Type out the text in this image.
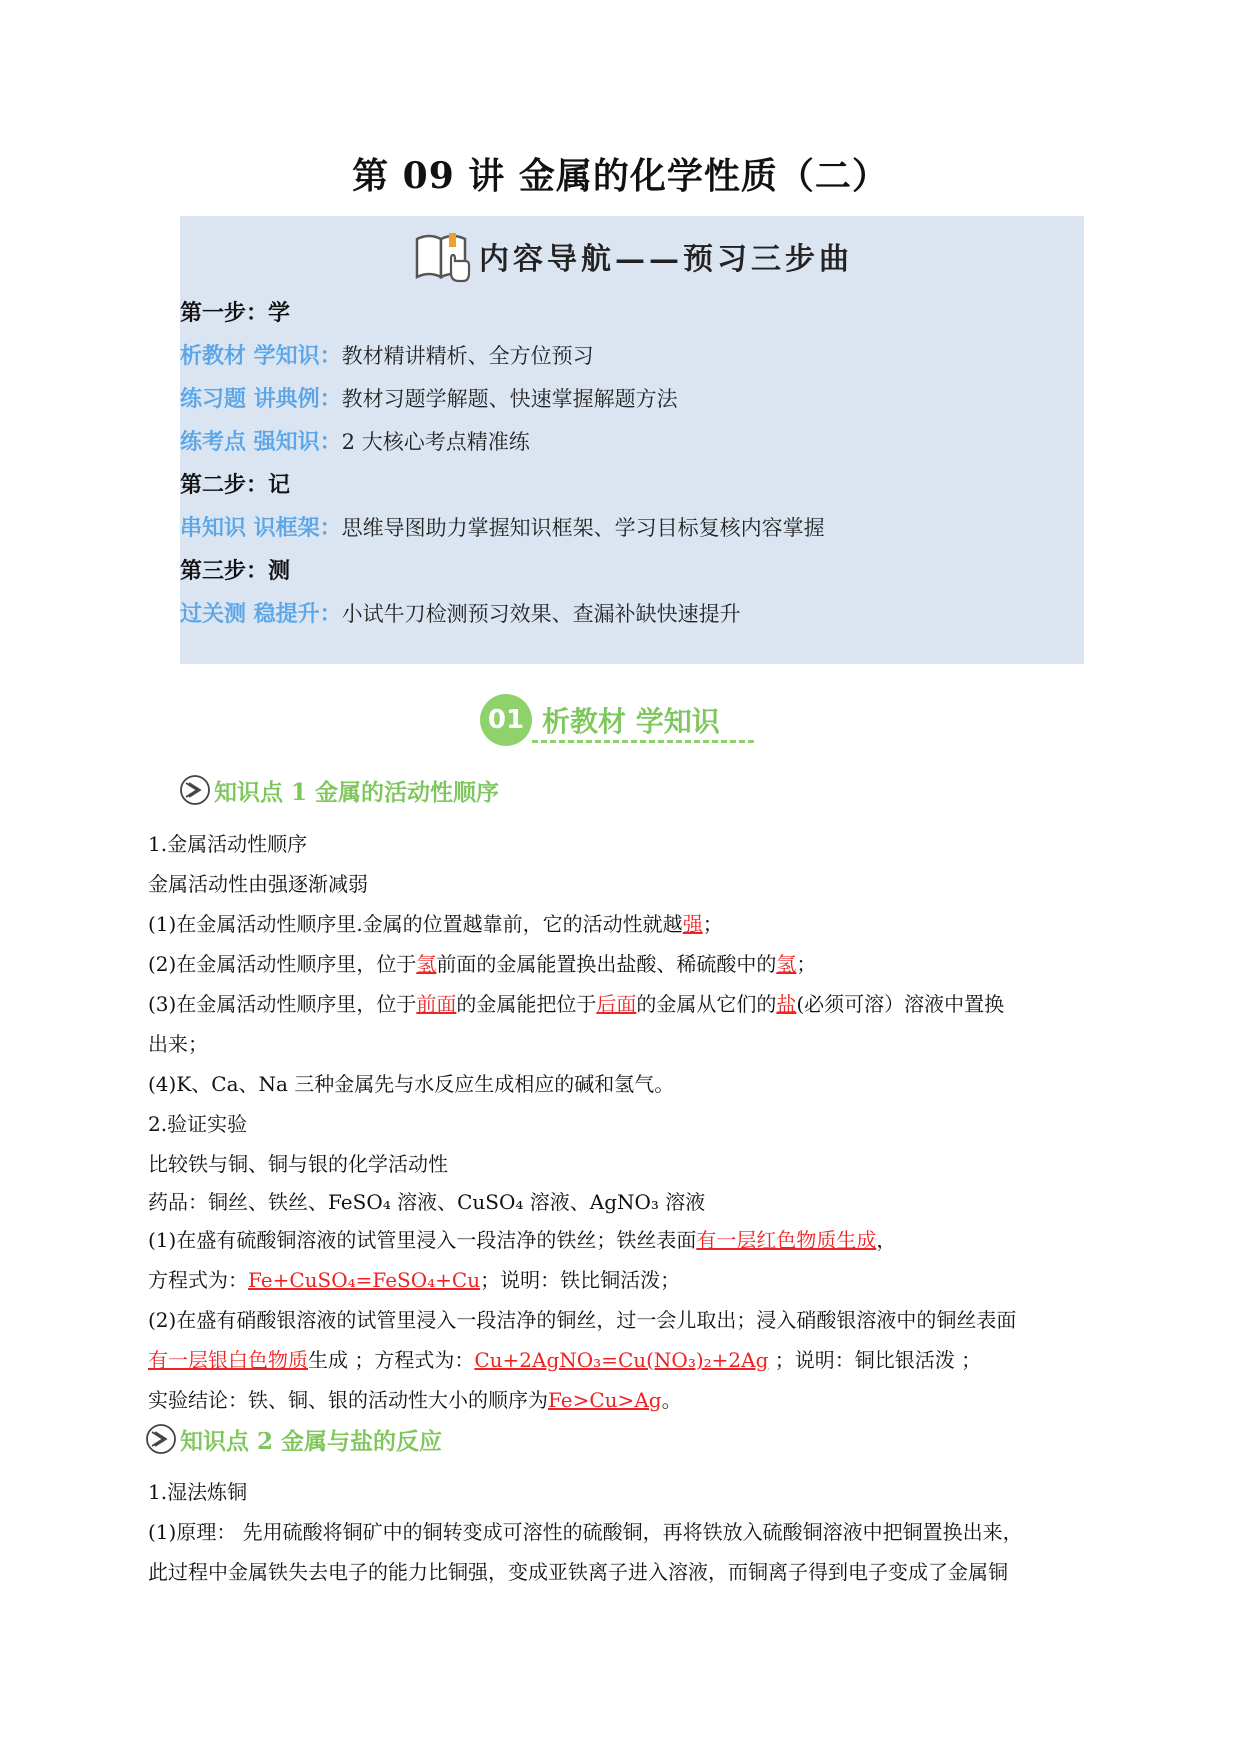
第 09 讲 金属的化学性质（二）
内容导航——预习三步曲
第一步：学
析教材 学知识：教材精讲精析、全方位预习
练习题 讲典例：教材习题学解题、快速掌握解题方法
练考点 强知识：2 大核心考点精准练
第二步：记
串知识 识框架：思维导图助力掌握知识框架、学习目标复核内容掌握
第三步：测
过关测 稳提升：小试牛刀检测预习效果、查漏补缺快速提升
01 析教材 学知识
知识点 1 金属的活动性顺序
1.金属活动性顺序
金属活动性由强逐渐减弱
(1)在金属活动性顺序里.金属的位置越靠前，它的活动性就越强；
(2)在金属活动性顺序里，位于氢前面的金属能置换出盐酸、稀硫酸中的氢；
(3)在金属活动性顺序里，位于前面的金属能把位于后面的金属从它们的盐(必须可溶）溶液中置换
出来；
(4)K、Ca、Na 三种金属先与水反应生成相应的碱和氢气。
2.验证实验
比较铁与铜、铜与银的化学活动性
药品：铜丝、铁丝、FeSO₄ 溶液、CuSO₄ 溶液、AgNO₃ 溶液
(1)在盛有硫酸铜溶液的试管里浸入一段洁净的铁丝；铁丝表面有一层红色物质生成，
方程式为：Fe+CuSO₄=FeSO₄+Cu；说明：铁比铜活泼；
(2)在盛有硝酸银溶液的试管里浸入一段洁净的铜丝，过一会儿取出；浸入硝酸银溶液中的铜丝表面
有一层银白色物质生成 ；方程式为：Cu+2AgNO₃=Cu(NO₃)₂+2Ag ；说明：铜比银活泼 ；
实验结论：铁、铜、银的活动性大小的顺序为Fe>Cu>Ag。
知识点 2 金属与盐的反应
1.湿法炼铜
(1)原理： 先用硫酸将铜矿中的铜转变成可溶性的硫酸铜，再将铁放入硫酸铜溶液中把铜置换出来，
此过程中金属铁失去电子的能力比铜强，变成亚铁离子进入溶液，而铜离子得到电子变成了金属铜
